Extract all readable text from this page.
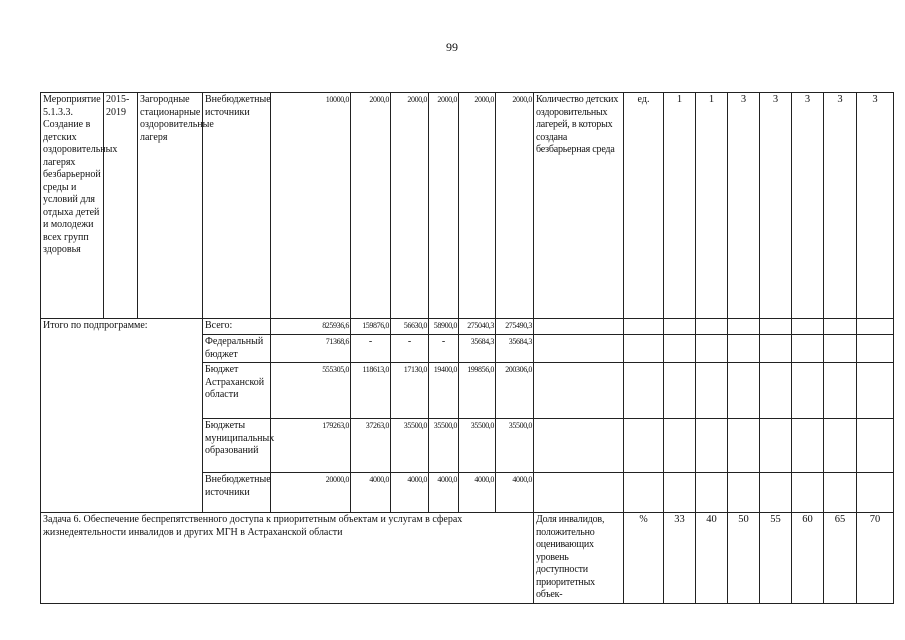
99
Мероприятие 5.1.3.3. Создание в детских оздоровительных лагерях безбарьерной среды и условий для отдыха детей и молодежи всех групп здоровья	2015-2019	Загородные стационарные оздоровительные лагеря	Внебюджетные источники	10000,0	2000,0	2000,0	2000,0	2000,0	2000,0	Количество детских оздоровительных лагерей, в которых создана безбарьерная среда	ед.	1	1	3	3	3	3	3
Итого по подпрограмме:			Всего:	825936,6	159876,0	56630,0	58900,0	275040,3	275490,3									
			Федеральный бюджет	71368,6	-	-	-	35684,3	35684,3									
			Бюджет Астраханской области	555305,0	118613,0	17130,0	19400,0	199856,0	200306,0									
			Бюджеты муниципальных образований	179263,0	37263,0	35500,0	35500,0	35500,0	35500,0									
			Внебюджетные источники	20000,0	4000,0	4000,0	4000,0	4000,0	4000,0									
Задача 6. Обеспечение беспрепятственного доступа к приоритетным объектам и услугам в сферах жизнедеятельности инвалидов и других МГН в Астраханской области										Доля инвалидов, положительно оценивающих уровень доступности приоритетных объек-	%	33	40	50	55	60	65	70
